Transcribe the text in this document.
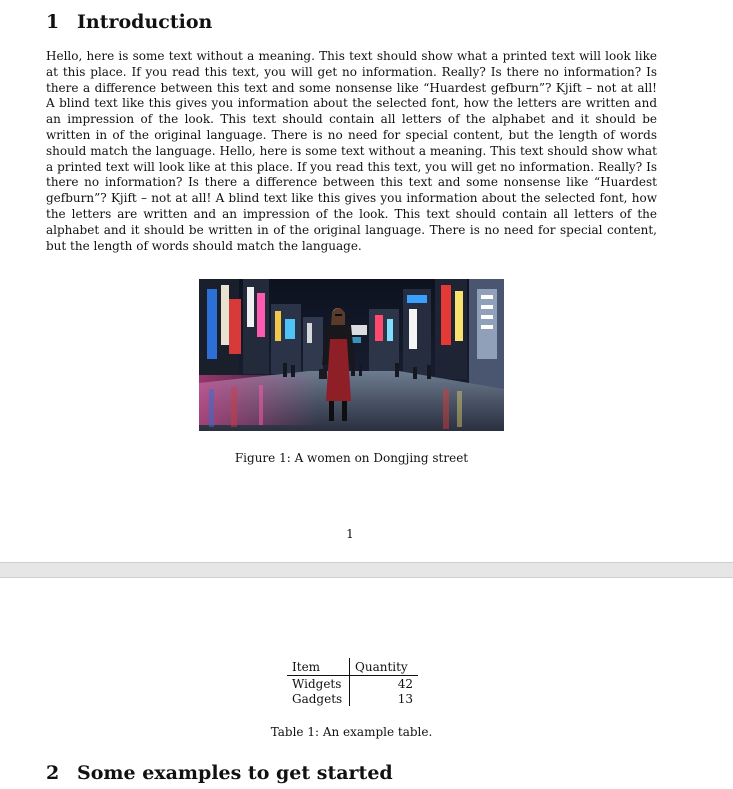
1 Introduction

Hello, here is some text without a meaning. This text should show what a printed text will look like at this place. If you read this text, you will get no information. Really? Is there no information? Is there a difference between this text and some nonsense like “Huardest gefburn”? Kjift – not at all! A blind text like this gives you information about the selected font, how the letters are written and an impression of the look. This text should contain all letters of the alphabet and it should be written in of the original language. There is no need for special content, but the length of words should match the language. Hello, here is some text without a meaning. This text should show what a printed text will look like at this place. If you read this text, you will get no information. Really? Is there no information? Is there a difference between this text and some nonsense like “Huardest gefburn”? Kjift – not at all! A blind text like this gives you information about the selected font, how the letters are written and an impression of the look. This text should contain all letters of the alphabet and it should be written in of the original language. There is no need for special content, but the length of words should match the language.

Figure 1: A women on Dongjing street

1
Item	Quantity
Widgets	42
Gadgets	13

Table 1: An example table.

2 Some examples to get started
